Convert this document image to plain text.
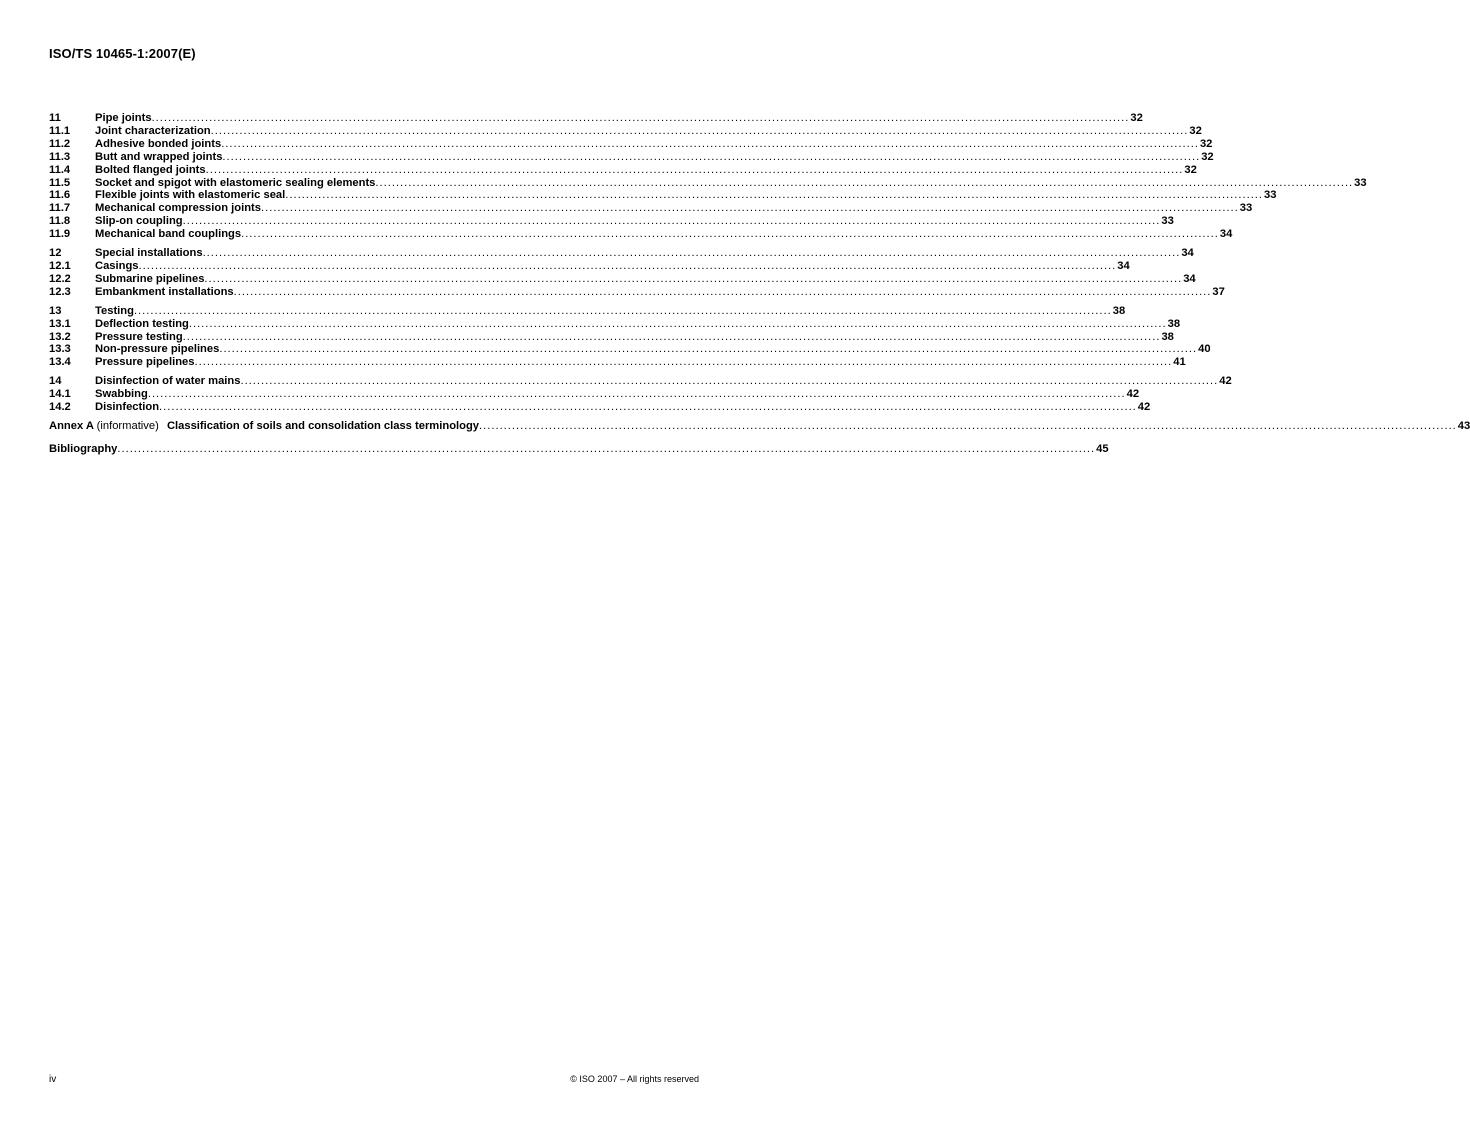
ISO/TS 10465-1:2007(E)
11	Pipe joints .....	32
11.1	Joint characterization .....	32
11.2	Adhesive bonded joints .....	32
11.3	Butt and wrapped joints .....	32
11.4	Bolted flanged joints .....	32
11.5	Socket and spigot with elastomeric sealing elements .....	33
11.6	Flexible joints with elastomeric seal .....	33
11.7	Mechanical compression joints .....	33
11.8	Slip-on coupling .....	33
11.9	Mechanical band couplings .....	34
12	Special installations .....	34
12.1	Casings .....	34
12.2	Submarine pipelines .....	34
12.3	Embankment installations .....	37
13	Testing .....	38
13.1	Deflection testing .....	38
13.2	Pressure testing .....	38
13.3	Non-pressure pipelines .....	40
13.4	Pressure pipelines .....	41
14	Disinfection of water mains .....	42
14.1	Swabbing .....	42
14.2	Disinfection .....	42
Annex A (informative) Classification of soils and consolidation class terminology .....	43
Bibliography .....	45
iv	© ISO 2007 – All rights reserved
